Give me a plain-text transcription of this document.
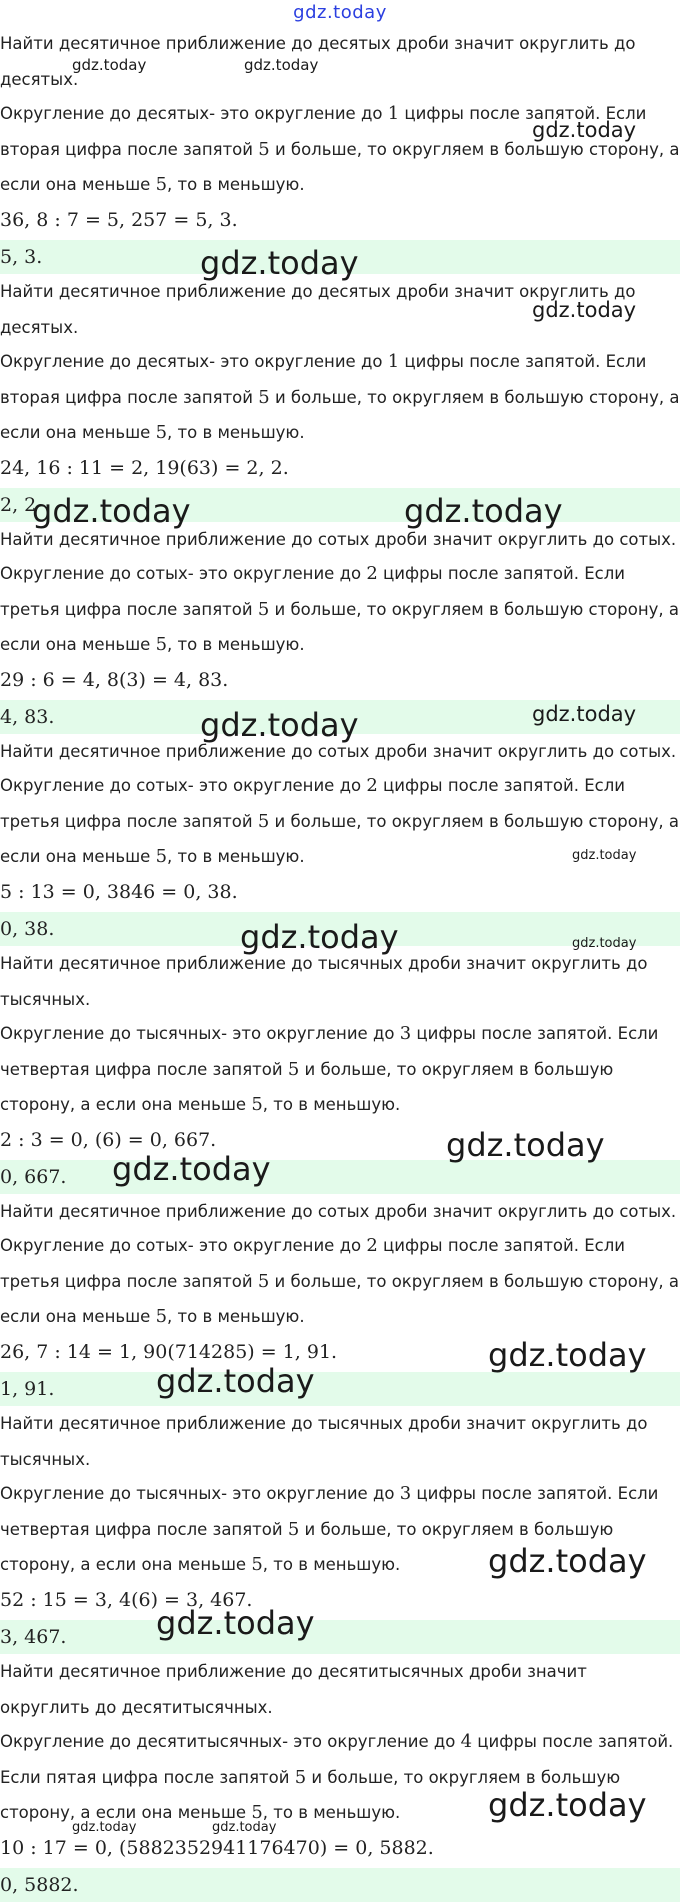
gdz.today
Найти десятичное приближение до десятых дроби значит округлить до десятых.
Округление до десятых- это округление до 1 цифры после запятой. Если вторая цифра после запятой 5 и больше, то округляем в большую сторону, а если она меньше 5, то в меньшую.
36, 8 : 7 = 5, 257 = 5, 3.
5, 3.
Найти десятичное приближение до десятых дроби значит округлить до десятых.
Округление до десятых- это округление до 1 цифры после запятой. Если вторая цифра после запятой 5 и больше, то округляем в большую сторону, а если она меньше 5, то в меньшую.
24, 16 : 11 = 2, 19(63) = 2, 2.
2, 2
Найти десятичное приближение до сотых дроби значит округлить до сотых.
Округление до сотых- это округление до 2 цифры после запятой. Если третья цифра после запятой 5 и больше, то округляем в большую сторону, а если она меньше 5, то в меньшую.
29 : 6 = 4, 8(3) = 4, 83.
4, 83.
Найти десятичное приближение до сотых дроби значит округлить до сотых.
Округление до сотых- это округление до 2 цифры после запятой. Если третья цифра после запятой 5 и больше, то округляем в большую сторону, а если она меньше 5, то в меньшую.
5 : 13 = 0, 3846 = 0, 38.
0, 38.
Найти десятичное приближение до тысячных дроби значит округлить до тысячных.
Округление до тысячных- это округление до 3 цифры после запятой. Если четвертая цифра после запятой 5 и больше, то округляем в большую сторону, а если она меньше 5, то в меньшую.
2 : 3 = 0, (6) = 0, 667.
0, 667.
Найти десятичное приближение до сотых дроби значит округлить до сотых.
Округление до сотых- это округление до 2 цифры после запятой. Если третья цифра после запятой 5 и больше, то округляем в большую сторону, а если она меньше 5, то в меньшую.
26, 7 : 14 = 1, 90(714285) = 1, 91.
1, 91.
Найти десятичное приближение до тысячных дроби значит округлить до тысячных.
Округление до тысячных- это округление до 3 цифры после запятой. Если четвертая цифра после запятой 5 и больше, то округляем в большую сторону, а если она меньше 5, то в меньшую.
52 : 15 = 3, 4(6) = 3, 467.
3, 467.
Найти десятичное приближение до десятитысячных дроби значит округлить до десятитысячных.
Округление до десятитысячных- это округление до 4 цифры после запятой. Если пятая цифра после запятой 5 и больше, то округляем в большую сторону, а если она меньше 5, то в меньшую.
10 : 17 = 0, (5882352941176470) = 0, 5882.
0, 5882.
gdz.today	gdz.today
gdz.today
gdz.today
gdz.today
gdz.today	gdz.today
gdz.today
gdz.today
gdz.today
gdz.today	gdz.today
gdz.today
gdz.today
gdz.today
gdz.today
gdz.today
gdz.today
gdz.today
gdz.today	gdz.today
